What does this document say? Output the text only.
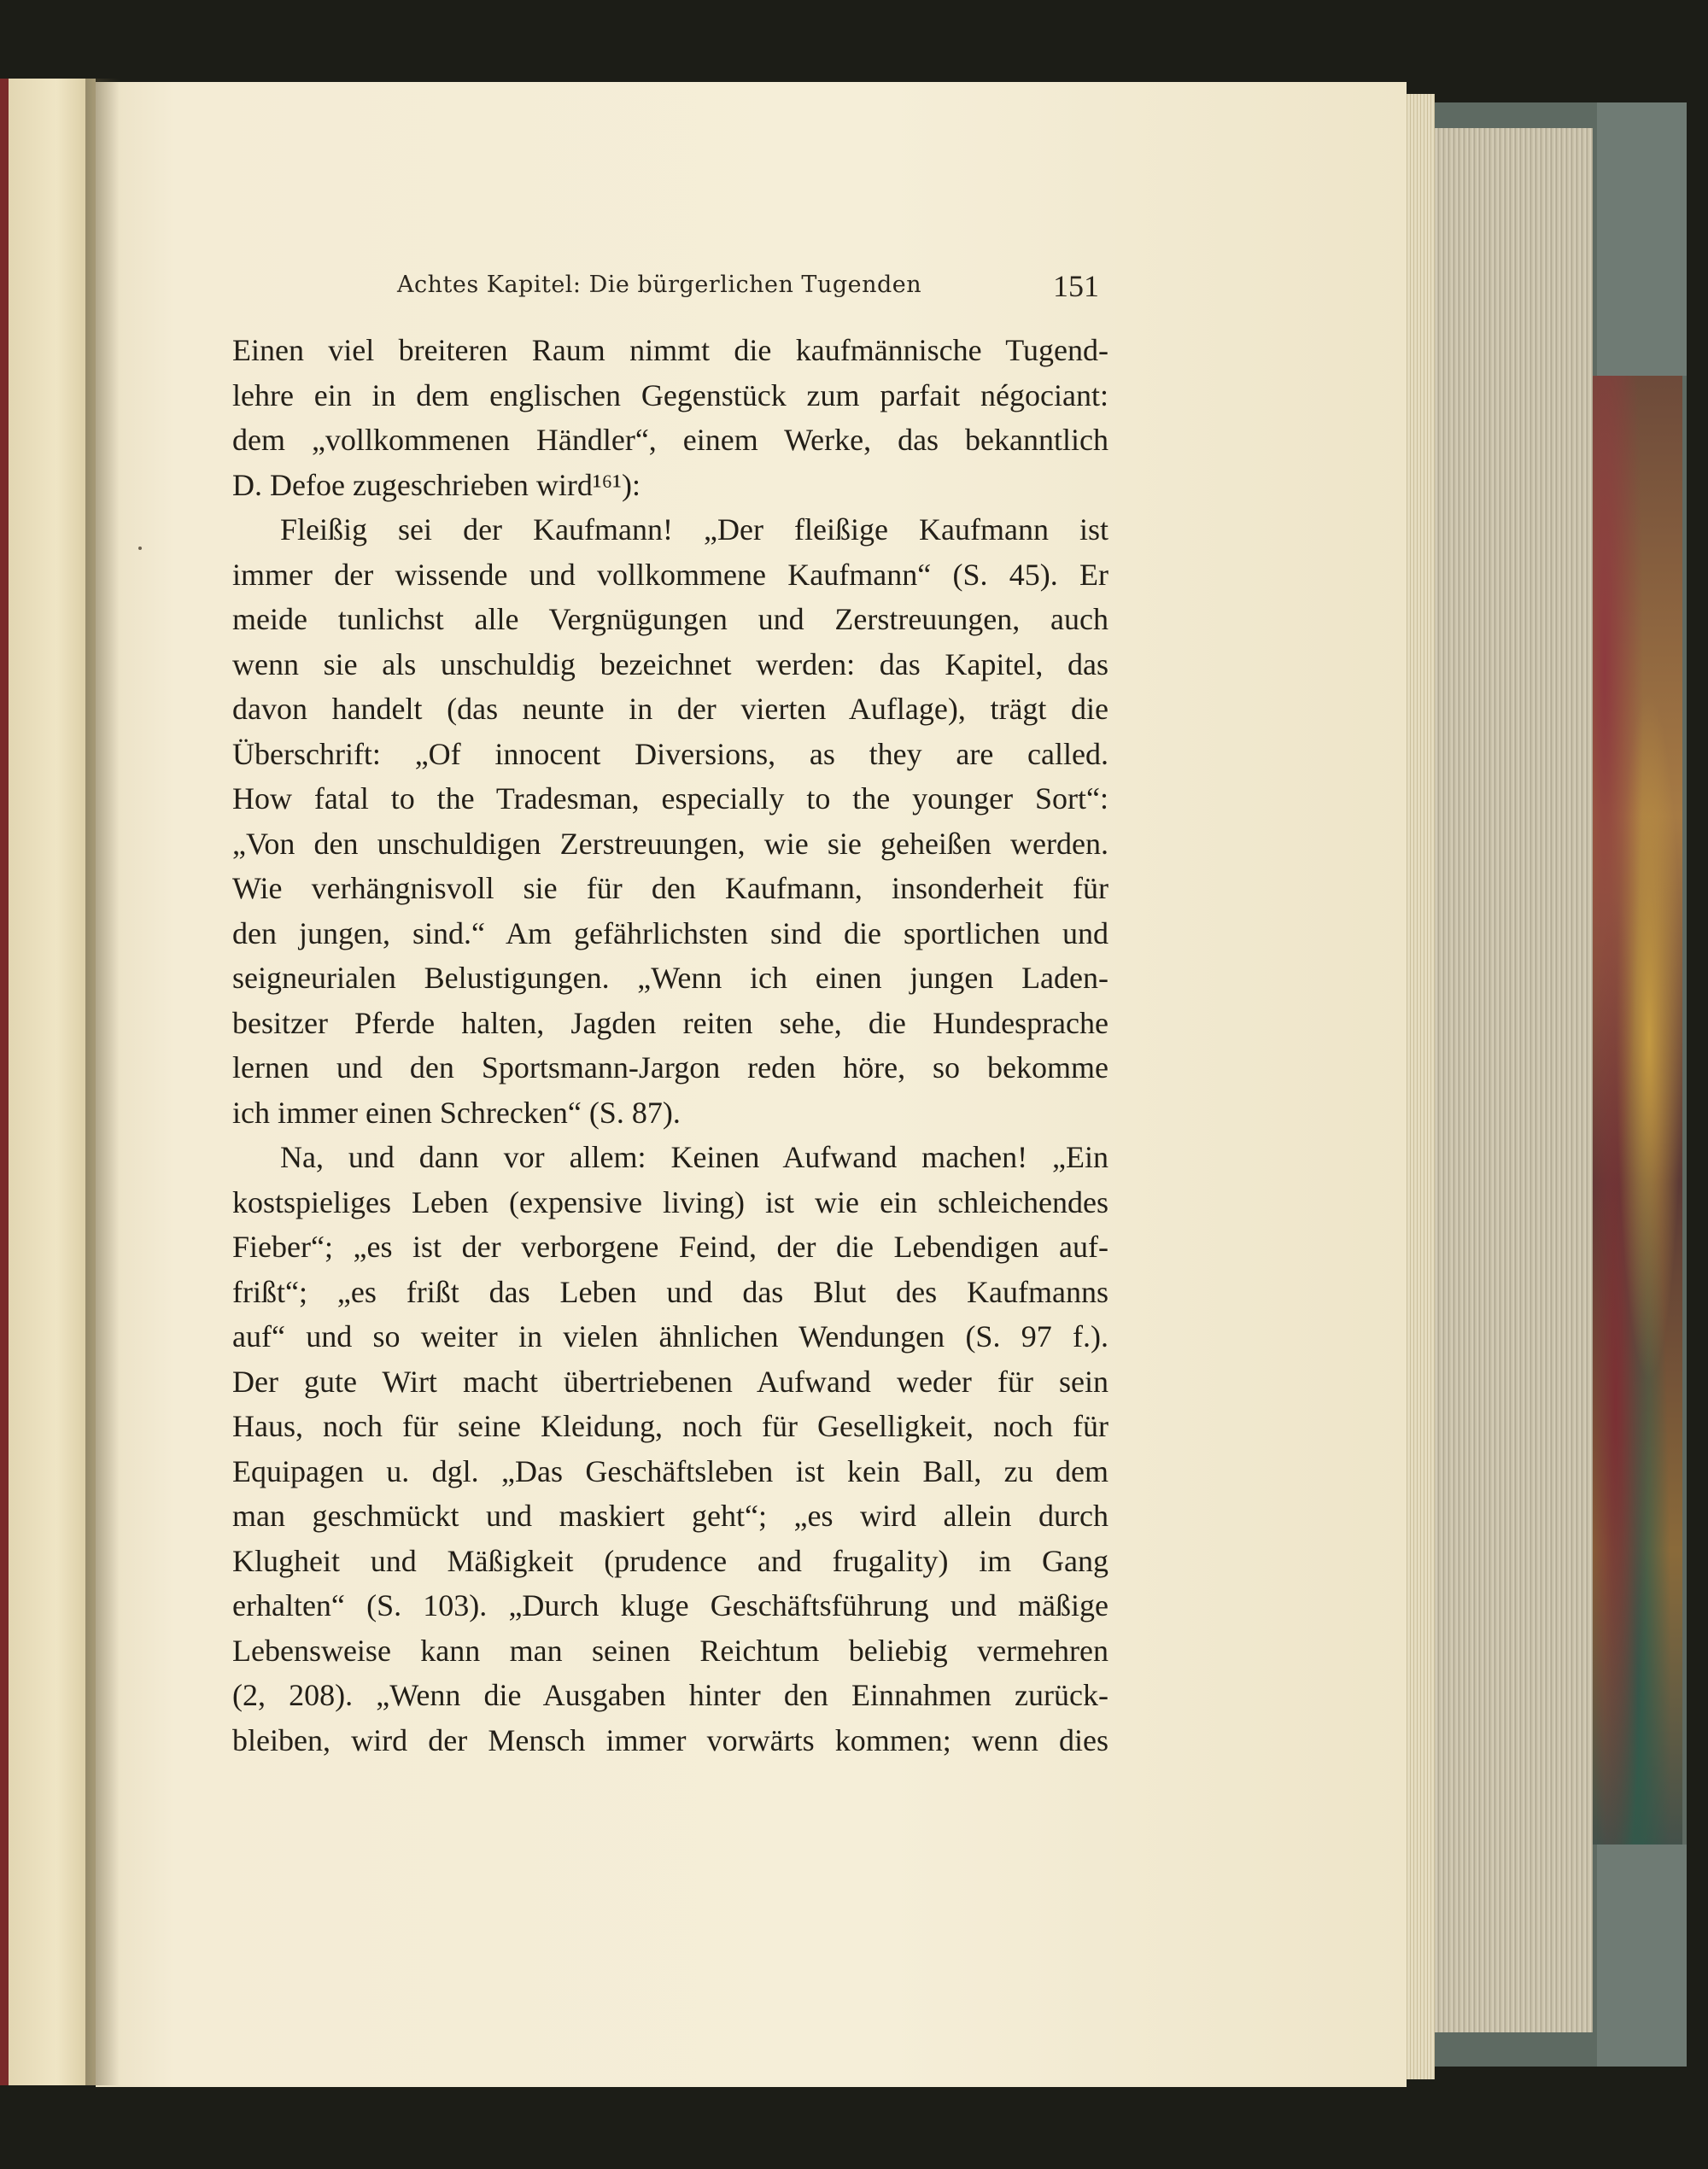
Achtes Kapitel: Die bürgerlichen Tugenden	151
Einen viel breiteren Raum nimmt die kaufmännische Tugend-
lehre ein in dem englischen Gegenstück zum parfait négociant:
dem „vollkommenen Händler“, einem Werke, das bekanntlich
D. Defoe zugeschrieben wird¹⁶¹):
Fleißig sei der Kaufmann! „Der fleißige Kaufmann ist
immer der wissende und vollkommene Kaufmann“ (S. 45). Er
meide tunlichst alle Vergnügungen und Zerstreuungen, auch
wenn sie als unschuldig bezeichnet werden: das Kapitel, das
davon handelt (das neunte in der vierten Auflage), trägt die
Überschrift: „Of innocent Diversions, as they are called.
How fatal to the Tradesman, especially to the younger Sort“:
„Von den unschuldigen Zerstreuungen, wie sie geheißen werden.
Wie verhängnisvoll sie für den Kaufmann, insonderheit für
den jungen, sind.“ Am gefährlichsten sind die sportlichen und
seigneurialen Belustigungen. „Wenn ich einen jungen Laden-
besitzer Pferde halten, Jagden reiten sehe, die Hundesprache
lernen und den Sportsmann-Jargon reden höre, so bekomme
ich immer einen Schrecken“ (S. 87).
Na, und dann vor allem: Keinen Aufwand machen! „Ein
kostspieliges Leben (expensive living) ist wie ein schleichendes
Fieber“; „es ist der verborgene Feind, der die Lebendigen auf-
frißt“; „es frißt das Leben und das Blut des Kaufmanns
auf“ und so weiter in vielen ähnlichen Wendungen (S. 97 f.).
Der gute Wirt macht übertriebenen Aufwand weder für sein
Haus, noch für seine Kleidung, noch für Geselligkeit, noch für
Equipagen u. dgl. „Das Geschäftsleben ist kein Ball, zu dem
man geschmückt und maskiert geht“; „es wird allein durch
Klugheit und Mäßigkeit (prudence and frugality) im Gang
erhalten“ (S. 103). „Durch kluge Geschäftsführung und mäßige
Lebensweise kann man seinen Reichtum beliebig vermehren
(2, 208). „Wenn die Ausgaben hinter den Einnahmen zurück-
bleiben, wird der Mensch immer vorwärts kommen; wenn dies
